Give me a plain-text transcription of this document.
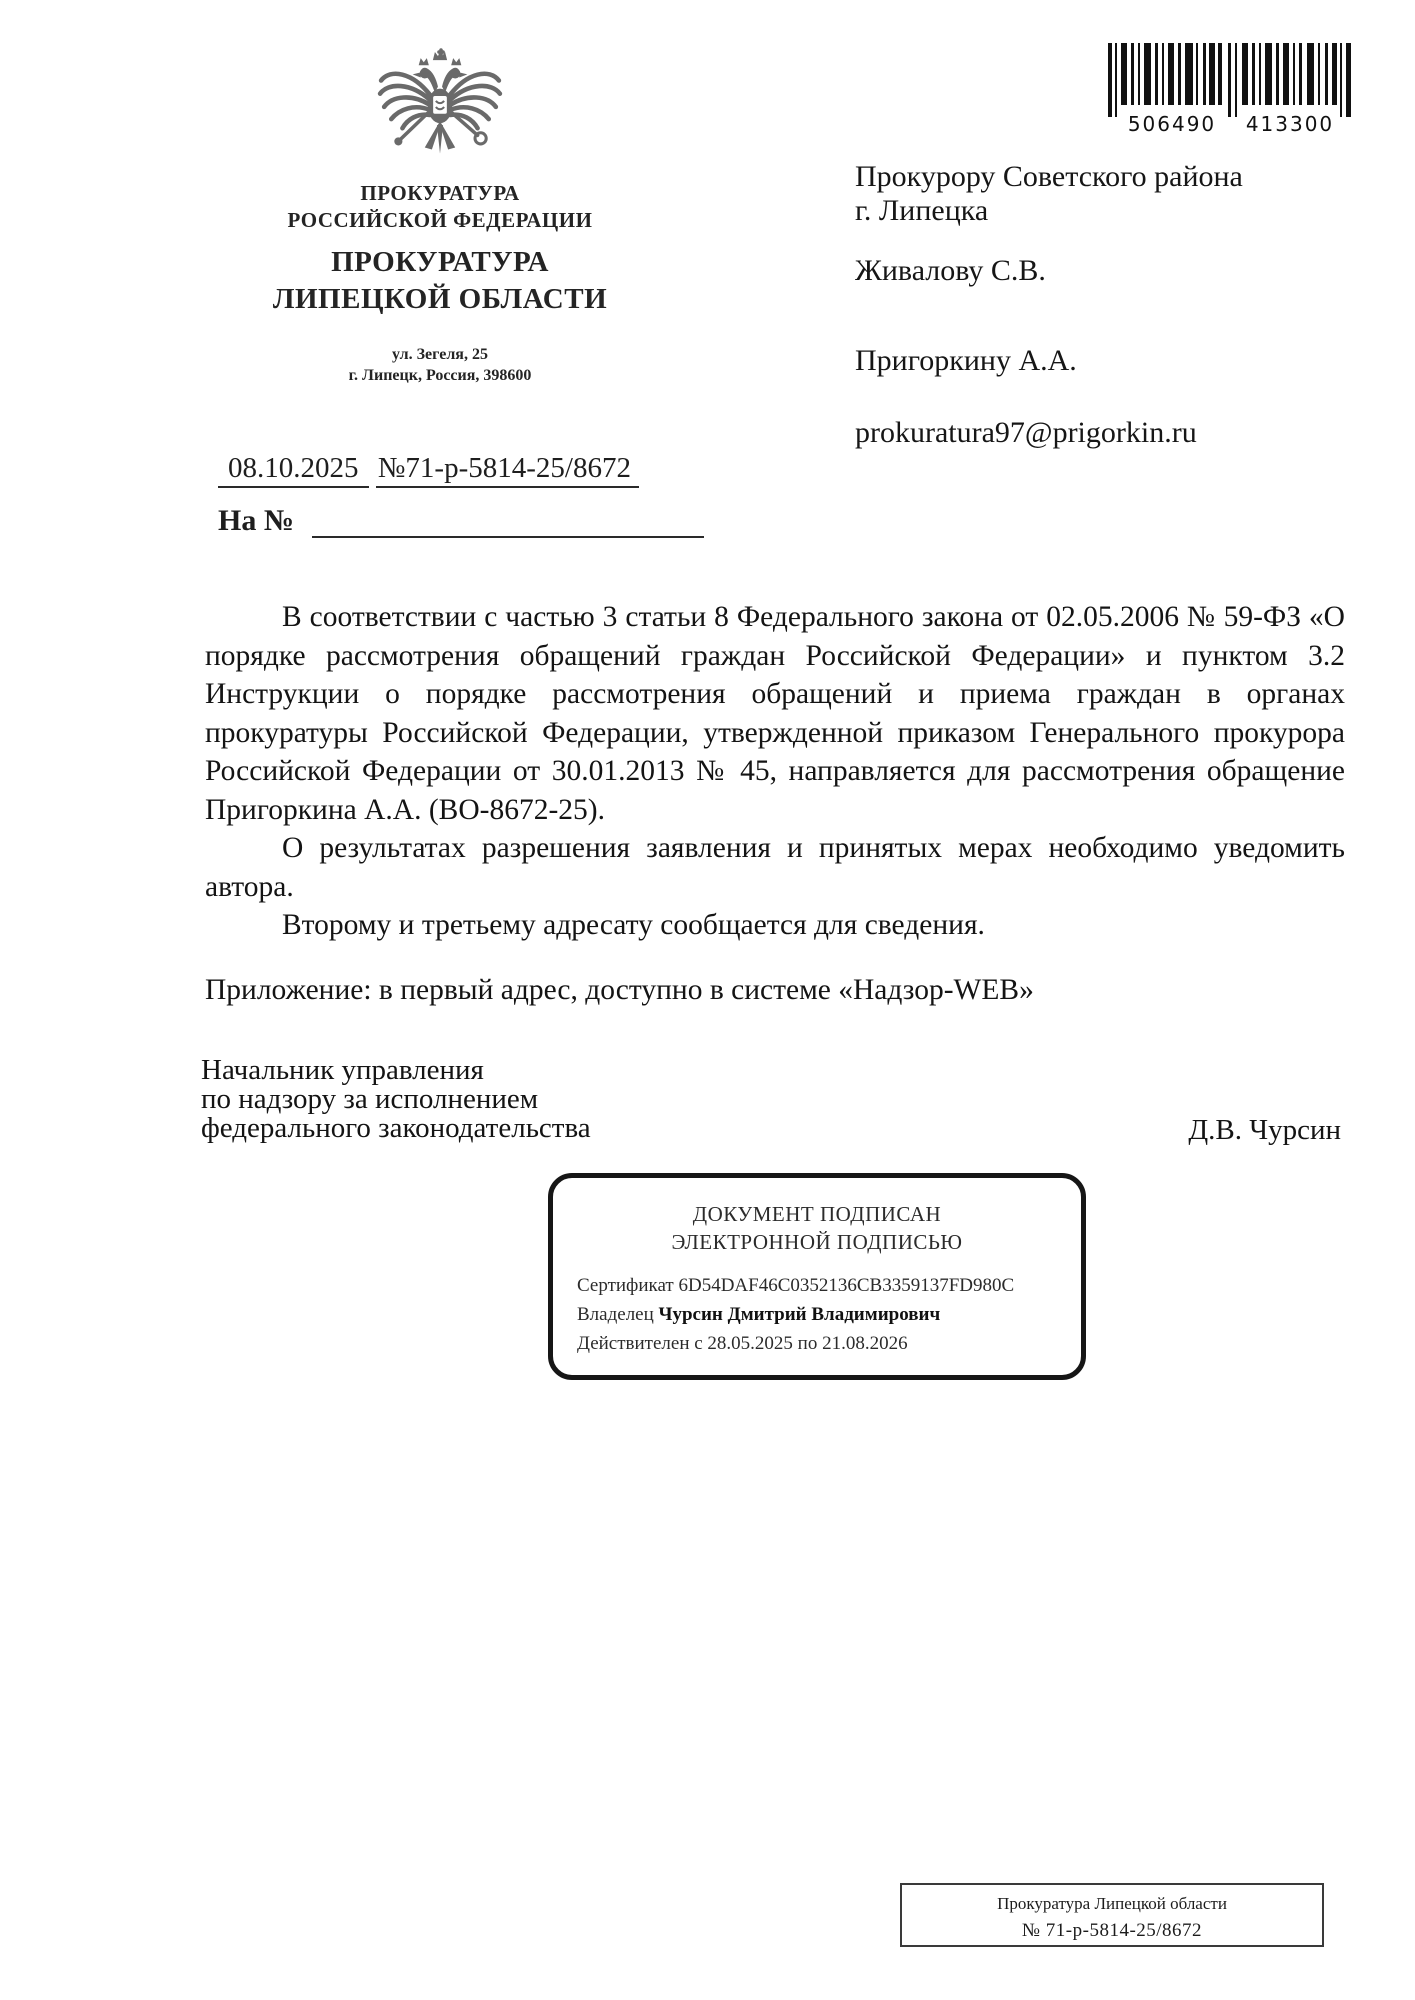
ПРОКУРАТУРА
РОССИЙСКОЙ ФЕДЕРАЦИИ
ПРОКУРАТУРА
ЛИПЕЦКОЙ ОБЛАСТИ
ул. Зегеля, 25
г. Липецк, Россия, 398600
506490 413300
Прокурору Советского района
г. Липецка
Живалову С.В.
Пригоркину А.А.
prokuratura97@prigorkin.ru
08.10.2025 №71-р-5814-25/8672
На №

В соответствии с частью 3 статьи 8 Федерального закона от 02.05.2006 № 59-ФЗ «О порядке рассмотрения обращений граждан Российской Федерации» и пунктом 3.2 Инструкции о порядке рассмотрения обращений и приема граждан в органах прокуратуры Российской Федерации, утвержденной приказом Генерального прокурора Российской Федерации от 30.01.2013 № 45, направляется для рассмотрения обращение Пригоркина А.А. (ВО-8672-25).

О результатах разрешения заявления и принятых мерах необходимо уведомить автора.

Второму и третьему адресату сообщается для сведения.

Приложение: в первый адрес, доступно в системе «Надзор-WEB»

Начальник управления
по надзору за исполнением
федерального законодательства	Д.В. Чурсин
ДОКУМЕНТ ПОДПИСАН
ЭЛЕКТРОННОЙ ПОДПИСЬЮ
Сертификат 6D54DAF46C0352136CB3359137FD980C
Владелец Чурсин Дмитрий Владимирович
Действителен с 28.05.2025 по 21.08.2026
Прокуратура Липецкой области
№ 71-р-5814-25/8672
